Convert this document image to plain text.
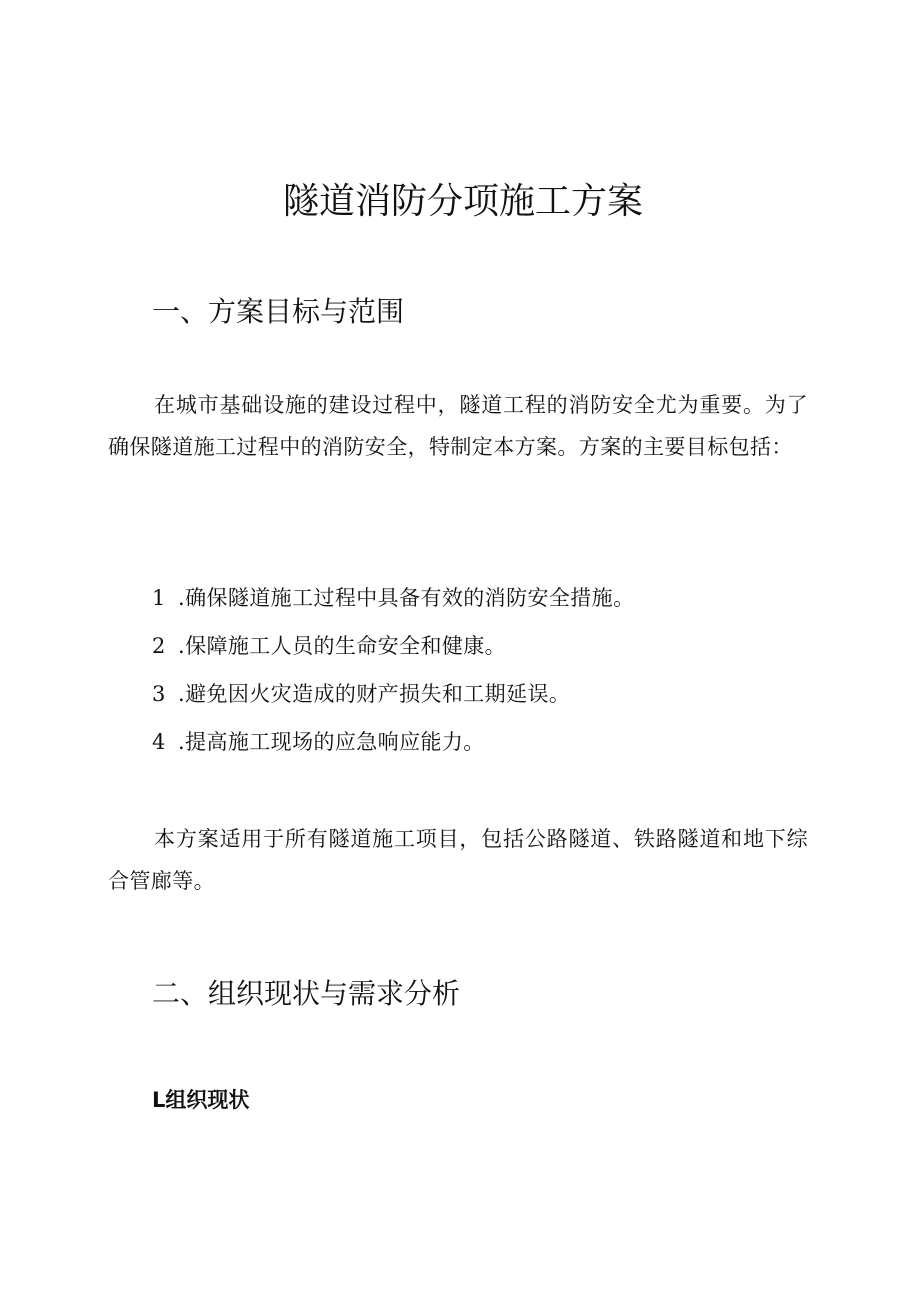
隧道消防分项施工方案
一、方案目标与范围

在城市基础设施的建设过程中，隧道工程的消防安全尤为重要。为了确保隧道施工过程中的消防安全，特制定本方案。方案的主要目标包括：

1 .确保隧道施工过程中具备有效的消防安全措施。
2 .保障施工人员的生命安全和健康。
3 .避免因火灾造成的财产损失和工期延误。
4 .提高施工现场的应急响应能力。

本方案适用于所有隧道施工项目，包括公路隧道、铁路隧道和地下综合管廊等。

二、组织现状与需求分析
L组织现状
